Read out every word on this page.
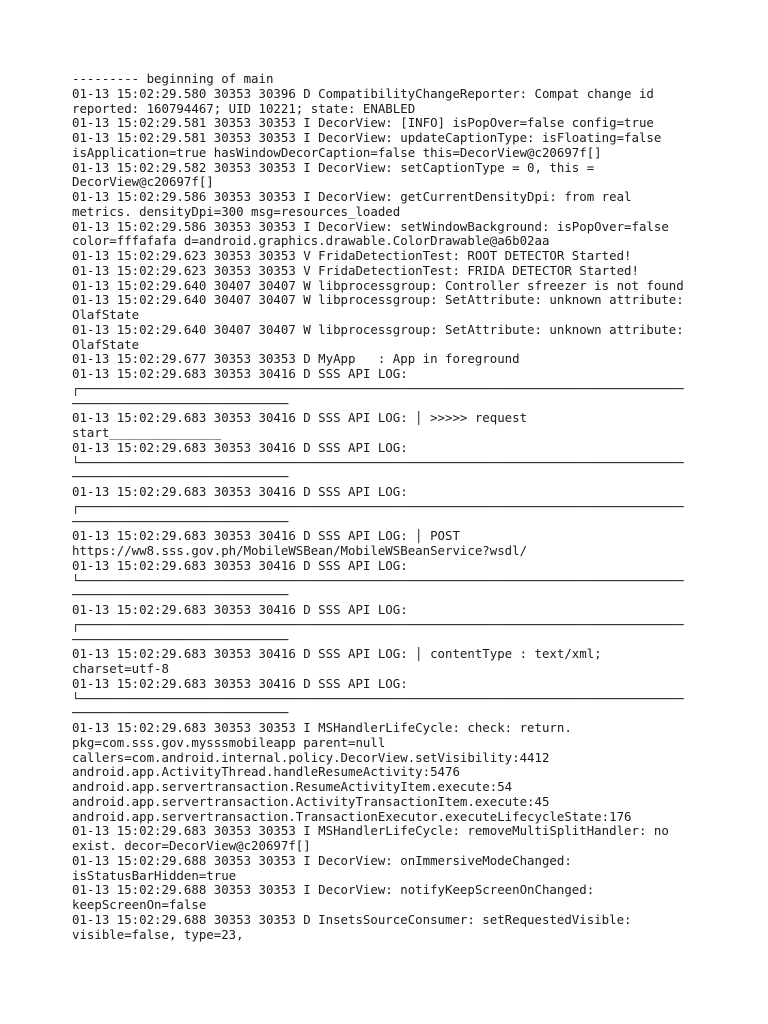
--------- beginning of main
01-13 15:02:29.580 30353 30396 D CompatibilityChangeReporter: Compat change id
reported: 160794467; UID 10221; state: ENABLED
01-13 15:02:29.581 30353 30353 I DecorView: [INFO] isPopOver=false config=true
01-13 15:02:29.581 30353 30353 I DecorView: updateCaptionType: isFloating=false
isApplication=true hasWindowDecorCaption=false this=DecorView@c20697f[]
01-13 15:02:29.582 30353 30353 I DecorView: setCaptionType = 0, this =
DecorView@c20697f[]
01-13 15:02:29.586 30353 30353 I DecorView: getCurrentDensityDpi: from real
metrics. densityDpi=300 msg=resources_loaded
01-13 15:02:29.586 30353 30353 I DecorView: setWindowBackground: isPopOver=false
color=fffafafa d=android.graphics.drawable.ColorDrawable@a6b02aa
01-13 15:02:29.623 30353 30353 V FridaDetectionTest: ROOT DETECTOR Started!
01-13 15:02:29.623 30353 30353 V FridaDetectionTest: FRIDA DETECTOR Started!
01-13 15:02:29.640 30407 30407 W libprocessgroup: Controller sfreezer is not found
01-13 15:02:29.640 30407 30407 W libprocessgroup: SetAttribute: unknown attribute:
OlafState
01-13 15:02:29.640 30407 30407 W libprocessgroup: SetAttribute: unknown attribute:
OlafState
01-13 15:02:29.677 30353 30353 D MyApp   : App in foreground
01-13 15:02:29.683 30353 30416 D SSS API LOG:
┌─────────────────────────────────────────────────────────────────────────────────
─────────────────────────────
01-13 15:02:29.683 30353 30416 D SSS API LOG: │ >>>>> request
start_______________
01-13 15:02:29.683 30353 30416 D SSS API LOG:
└─────────────────────────────────────────────────────────────────────────────────
─────────────────────────────
01-13 15:02:29.683 30353 30416 D SSS API LOG:
┌─────────────────────────────────────────────────────────────────────────────────
─────────────────────────────
01-13 15:02:29.683 30353 30416 D SSS API LOG: │ POST
https://ww8.sss.gov.ph/MobileWSBean/MobileWSBeanService?wsdl/
01-13 15:02:29.683 30353 30416 D SSS API LOG:
└─────────────────────────────────────────────────────────────────────────────────
─────────────────────────────
01-13 15:02:29.683 30353 30416 D SSS API LOG:
┌─────────────────────────────────────────────────────────────────────────────────
─────────────────────────────
01-13 15:02:29.683 30353 30416 D SSS API LOG: │ contentType : text/xml;
charset=utf-8
01-13 15:02:29.683 30353 30416 D SSS API LOG:
└─────────────────────────────────────────────────────────────────────────────────
─────────────────────────────
01-13 15:02:29.683 30353 30353 I MSHandlerLifeCycle: check: return.
pkg=com.sss.gov.mysssmobileapp parent=null
callers=com.android.internal.policy.DecorView.setVisibility:4412
android.app.ActivityThread.handleResumeActivity:5476
android.app.servertransaction.ResumeActivityItem.execute:54
android.app.servertransaction.ActivityTransactionItem.execute:45
android.app.servertransaction.TransactionExecutor.executeLifecycleState:176
01-13 15:02:29.683 30353 30353 I MSHandlerLifeCycle: removeMultiSplitHandler: no
exist. decor=DecorView@c20697f[]
01-13 15:02:29.688 30353 30353 I DecorView: onImmersiveModeChanged:
isStatusBarHidden=true
01-13 15:02:29.688 30353 30353 I DecorView: notifyKeepScreenOnChanged:
keepScreenOn=false
01-13 15:02:29.688 30353 30353 D InsetsSourceConsumer: setRequestedVisible:
visible=false, type=23,
